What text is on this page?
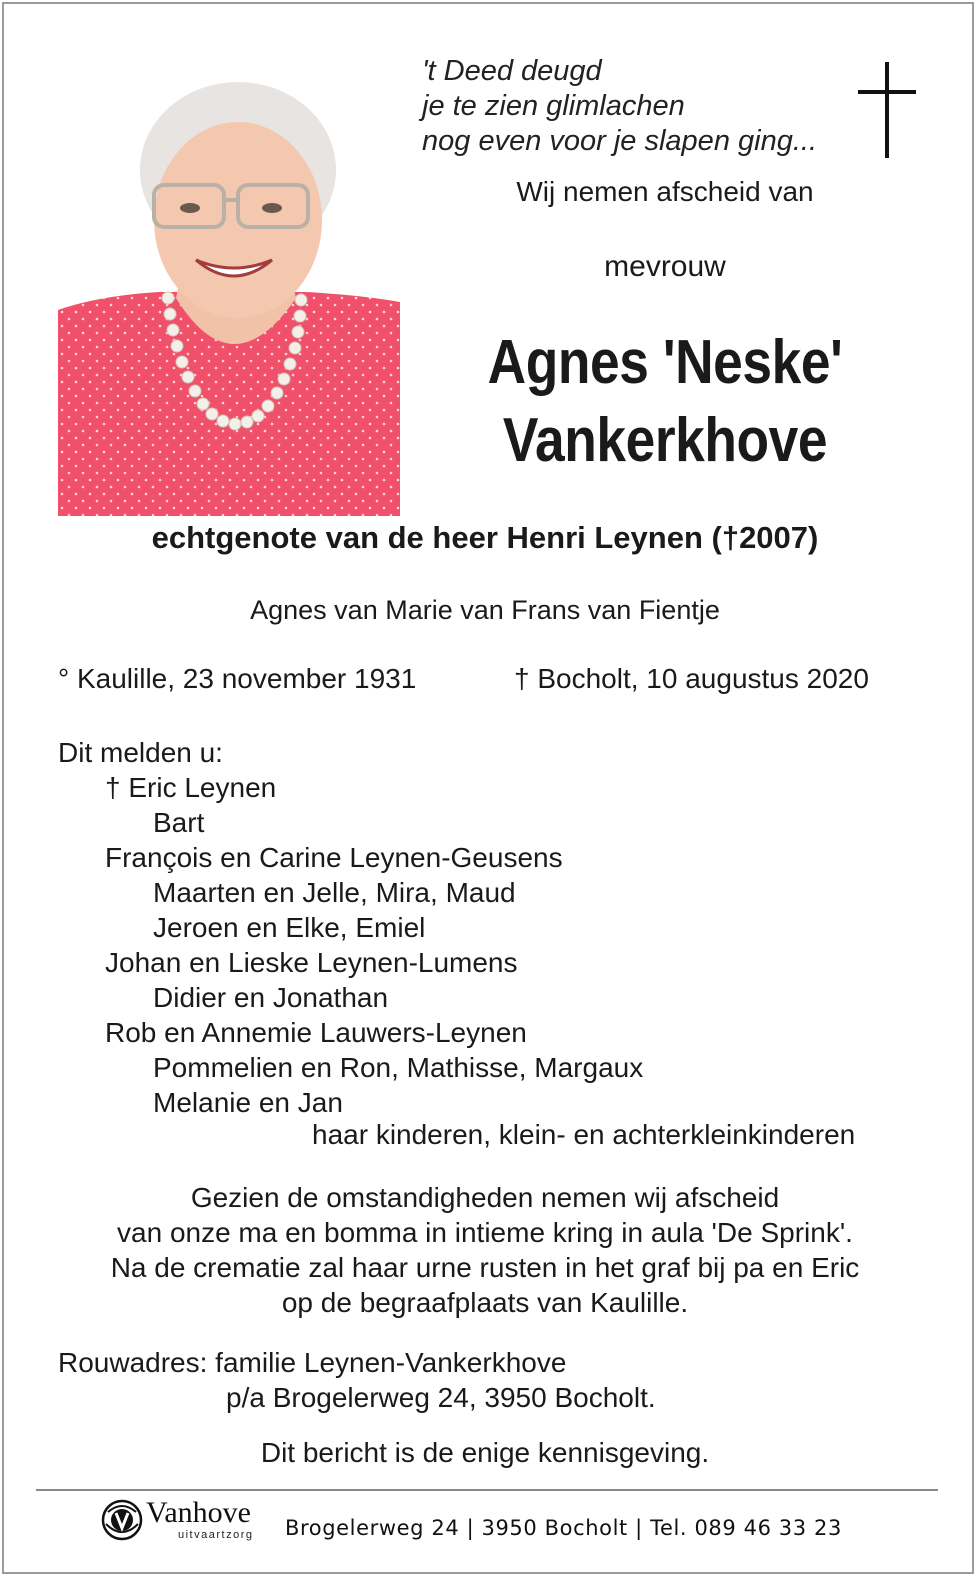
't Deed deugd
je te zien glimlachen
nog even voor je slapen ging...
Wij nemen afscheid van
mevrouw
Agnes 'Neske'
Vankerkhove
echtgenote van de heer Henri Leynen (†2007)
Agnes van Marie van Frans van Fientje
° Kaulille, 23 november 1931	† Bocholt, 10 augustus 2020
Dit melden u:
† Eric Leynen
Bart
François en Carine Leynen-Geusens
Maarten en Jelle, Mira, Maud
Jeroen en Elke, Emiel
Johan en Lieske Leynen-Lumens
Didier en Jonathan
Rob en Annemie Lauwers-Leynen
Pommelien en Ron, Mathisse, Margaux
Melanie en Jan
haar kinderen, klein- en achterkleinkinderen
Gezien de omstandigheden nemen wij afscheid
van onze ma en bomma in intieme kring in aula 'De Sprink'.
Na de crematie zal haar urne rusten in het graf bij pa en Eric
op de begraafplaats van Kaulille.
Rouwadres: familie Leynen-Vankerkhove
p/a Brogelerweg 24, 3950 Bocholt.
Dit bericht is de enige kennisgeving.
Vanhove
uitvaartzorg Brogelerweg 24 | 3950 Bocholt | Tel. 089 46 33 23
